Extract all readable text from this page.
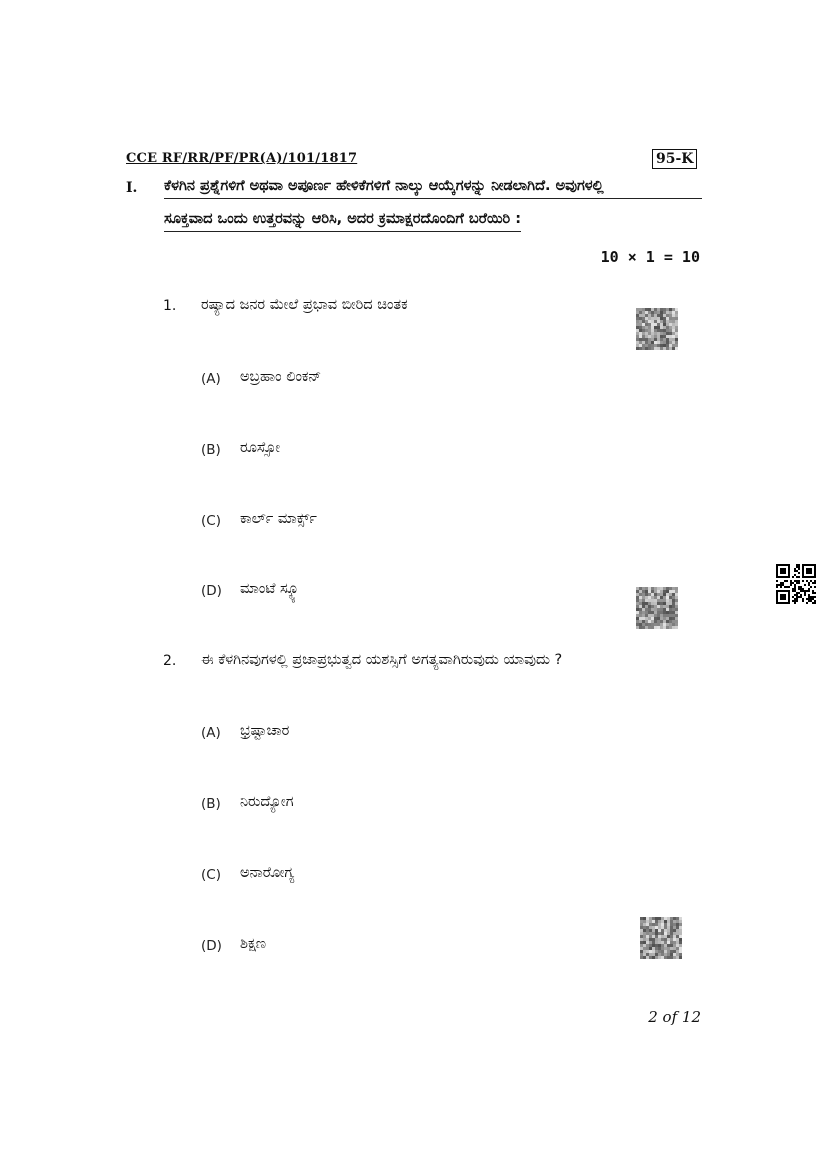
CCE RF/RR/PF/PR(A)/101/1817	95-K
I. ಕೆಳಗಿನ ಪ್ರಶ್ನೆಗಳಿಗೆ ಅಥವಾ ಅಪೂರ್ಣ ಹೇಳಿಕೆಗಳಿಗೆ ನಾಲ್ಕು ಆಯ್ಕೆಗಳನ್ನು ನೀಡಲಾಗಿದೆ. ಅವುಗಳಲ್ಲಿ
ಸೂಕ್ತವಾದ ಒಂದು ಉತ್ತರವನ್ನು ಆರಿಸಿ, ಅದರ ಕ್ರಮಾಕ್ಷರದೊಂದಿಗೆ ಬರೆಯಿರಿ :
10 × 1 = 10
1. ರಷ್ಯಾದ ಜನರ ಮೇಲೆ ಪ್ರಭಾವ ಬೀರಿದ ಚಿಂತಕ
(A) ಅಬ್ರಹಾಂ ಲಿಂಕನ್
(B) ರೂಸ್ಸೋ
(C) ಕಾರ್ಲ್ ಮಾರ್ಕ್ಸ್
(D) ಮಾಂಟೆ ಸ್ಕ್ಯೂ
2. ಈ ಕೆಳಗಿನವುಗಳಲ್ಲಿ ಪ್ರಜಾಪ್ರಭುತ್ವದ ಯಶಸ್ಸಿಗೆ ಅಗತ್ಯವಾಗಿರುವುದು ಯಾವುದು ?
(A) ಭ್ರಷ್ಟಾಚಾರ
(B) ನಿರುದ್ಯೋಗ
(C) ಅನಾರೋಗ್ಯ
(D) ಶಿಕ್ಷಣ
2 of 12
